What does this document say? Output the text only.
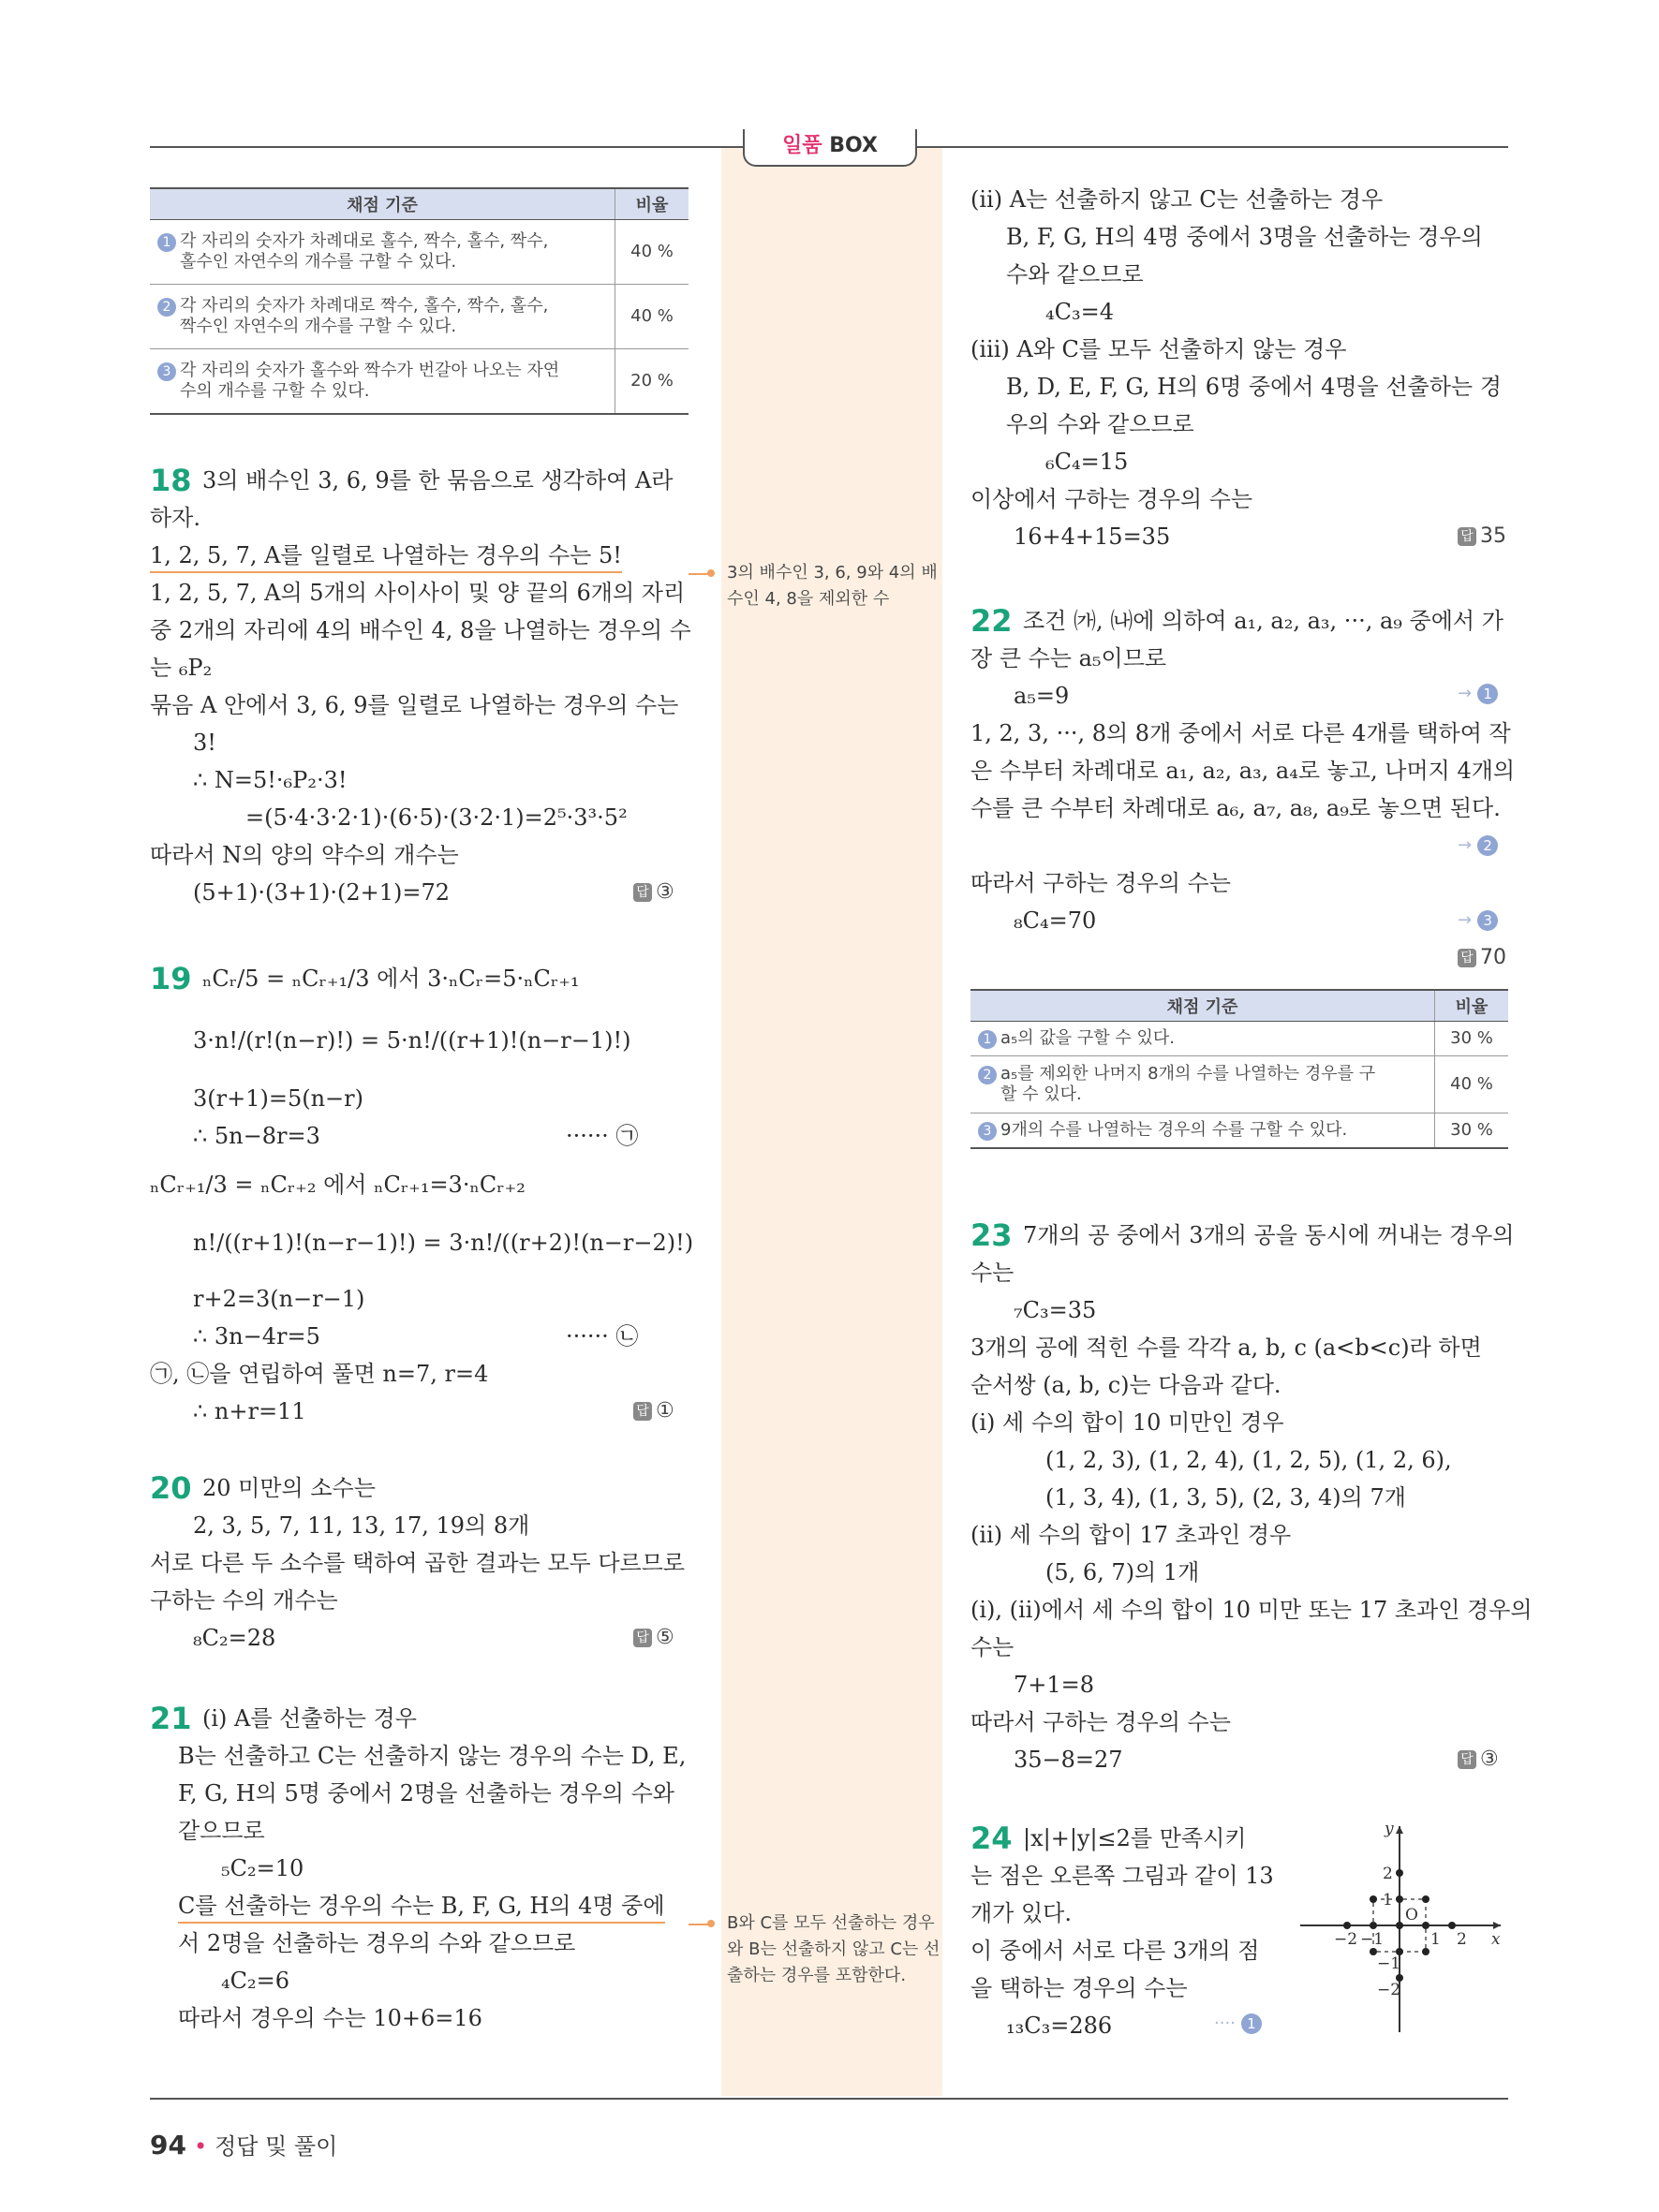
일품 BOX
채점 기준	비율
1 각 자리의 숫자가 차례대로 홀수, 짝수, 홀수, 짝수,
홀수인 자연수의 개수를 구할 수 있다.	40 %
2 각 자리의 숫자가 차례대로 짝수, 홀수, 짝수, 홀수,
짝수인 자연수의 개수를 구할 수 있다.	40 %
3 각 자리의 숫자가 홀수와 짝수가 번갈아 나오는 자연
수의 개수를 구할 수 있다.	20 %
18 3의 배수인 3, 6, 9를 한 묶음으로 생각하여 A라
하자.
1, 2, 5, 7, A를 일렬로 나열하는 경우의 수는 5!
1, 2, 5, 7, A의 5개의 사이사이 및 양 끝의 6개의 자리
중 2개의 자리에 4의 배수인 4, 8을 나열하는 경우의 수
는 ₆P₂
묶음 A 안에서 3, 6, 9를 일렬로 나열하는 경우의 수는
3!
∴ N=5!·₆P₂·3!
=(5·4·3·2·1)·(6·5)·(3·2·1)=2⁵·3³·5²
따라서 N의 양의 약수의 개수는
(5+1)·(3+1)·(2+1)=72	답 ③
3의 배수인 3, 6, 9와 4의 배수인 4, 8을 제외한 수
19 ₙCᵣ/5 = ₙCᵣ₊₁/3 에서 3·ₙCᵣ=5·ₙCᵣ₊₁
3·n!/(r!(n−r)!) = 5·n!/((r+1)!(n−r−1)!)
3(r+1)=5(n−r)
∴ 5n−8r=3	······ ㉠
ₙCᵣ₊₁/3 = ₙCᵣ₊₂ 에서 ₙCᵣ₊₁=3·ₙCᵣ₊₂
n!/((r+1)!(n−r−1)!) = 3·n!/((r+2)!(n−r−2)!)
r+2=3(n−r−1)
∴ 3n−4r=5	······ ㉡
㉠, ㉡을 연립하여 풀면 n=7, r=4
∴ n+r=11	답 ①
20 20 미만의 소수는
2, 3, 5, 7, 11, 13, 17, 19의 8개
서로 다른 두 소수를 택하여 곱한 결과는 모두 다르므로
구하는 수의 개수는
₈C₂=28	답 ⑤
21 (ⅰ) A를 선출하는 경우
B는 선출하고 C는 선출하지 않는 경우의 수는 D, E,
F, G, H의 5명 중에서 2명을 선출하는 경우의 수와
같으므로
₅C₂=10
C를 선출하는 경우의 수는 B, F, G, H의 4명 중에
서 2명을 선출하는 경우의 수와 같으므로
₄C₂=6
따라서 경우의 수는 10+6=16
B와 C를 모두 선출하는 경우와 B는 선출하지 않고 C는 선출하는 경우를 포함한다.
(ⅱ) A는 선출하지 않고 C는 선출하는 경우
B, F, G, H의 4명 중에서 3명을 선출하는 경우의
수와 같으므로
₄C₃=4
(ⅲ) A와 C를 모두 선출하지 않는 경우
B, D, E, F, G, H의 6명 중에서 4명을 선출하는 경
우의 수와 같으므로
₆C₄=15
이상에서 구하는 경우의 수는
16+4+15=35	답 35
22 조건 ㈎, ㈏에 의하여 a₁, a₂, a₃, ···, a₉ 중에서 가
장 큰 수는 a₅이므로
a₅=9	→ 1
1, 2, 3, ···, 8의 8개 중에서 서로 다른 4개를 택하여 작
은 수부터 차례대로 a₁, a₂, a₃, a₄로 놓고, 나머지 4개의
수를 큰 수부터 차례대로 a₆, a₇, a₈, a₉로 놓으면 된다.
→ 2
따라서 구하는 경우의 수는
₈C₄=70	→ 3
답 70
채점 기준	비율
1 a₅의 값을 구할 수 있다.	30 %
2 a₅를 제외한 나머지 8개의 수를 나열하는 경우를 구
할 수 있다.	40 %
3 9개의 수를 나열하는 경우의 수를 구할 수 있다.	30 %
23 7개의 공 중에서 3개의 공을 동시에 꺼내는 경우의
수는
₇C₃=35
3개의 공에 적힌 수를 각각 a, b, c (a<b<c)라 하면
순서쌍 (a, b, c)는 다음과 같다.
(ⅰ) 세 수의 합이 10 미만인 경우
(1, 2, 3), (1, 2, 4), (1, 2, 5), (1, 2, 6),
(1, 3, 4), (1, 3, 5), (2, 3, 4)의 7개
(ⅱ) 세 수의 합이 17 초과인 경우
(5, 6, 7)의 1개
(ⅰ), (ⅱ)에서 세 수의 합이 10 미만 또는 17 초과인 경우의
수는
7+1=8
따라서 구하는 경우의 수는
35−8=27	답 ③
24 |x|+|y|≤2를 만족시키
는 점은 오른쪽 그림과 같이 13
개가 있다.
이 중에서 서로 다른 3개의 점
을 택하는 경우의 수는
₁₃C₃=286	···· 1
x
y
O
−2 −1	1 2
2
1
−1
−2
94 • 정답 및 풀이
